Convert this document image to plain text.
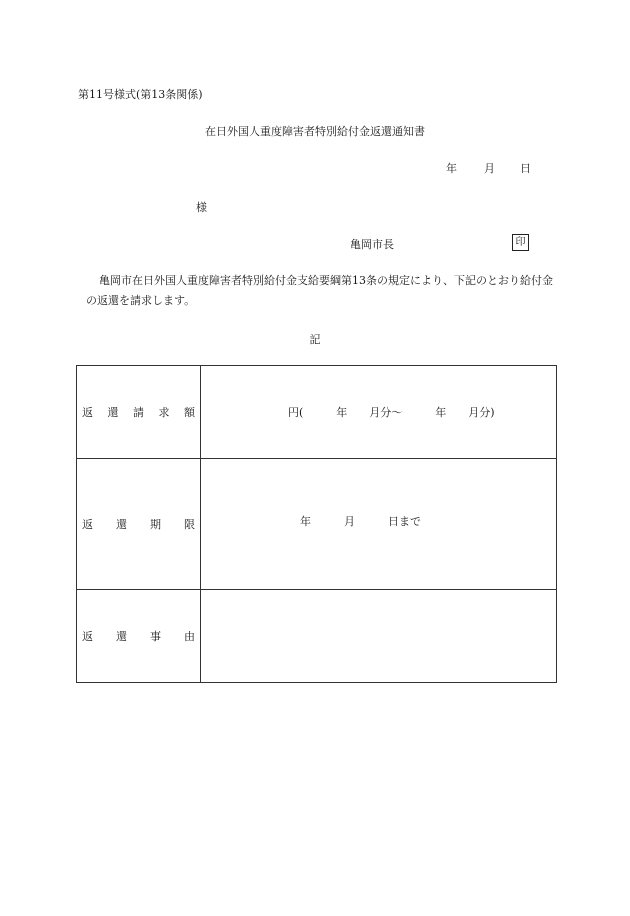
第11号様式(第13条関係)
在日外国人重度障害者特別給付金返還通知書
年 月 日
様
亀岡市長	印
亀岡市在日外国人重度障害者特別給付金支給要綱第13条の規定により、下記のとおり給付金の返還を請求します。
記
返 還 請 求 額	円(　　　年　　月分〜　　　年　　月分)

返 還 期 限	年　　　月　　　日まで

返 還 事 由	
